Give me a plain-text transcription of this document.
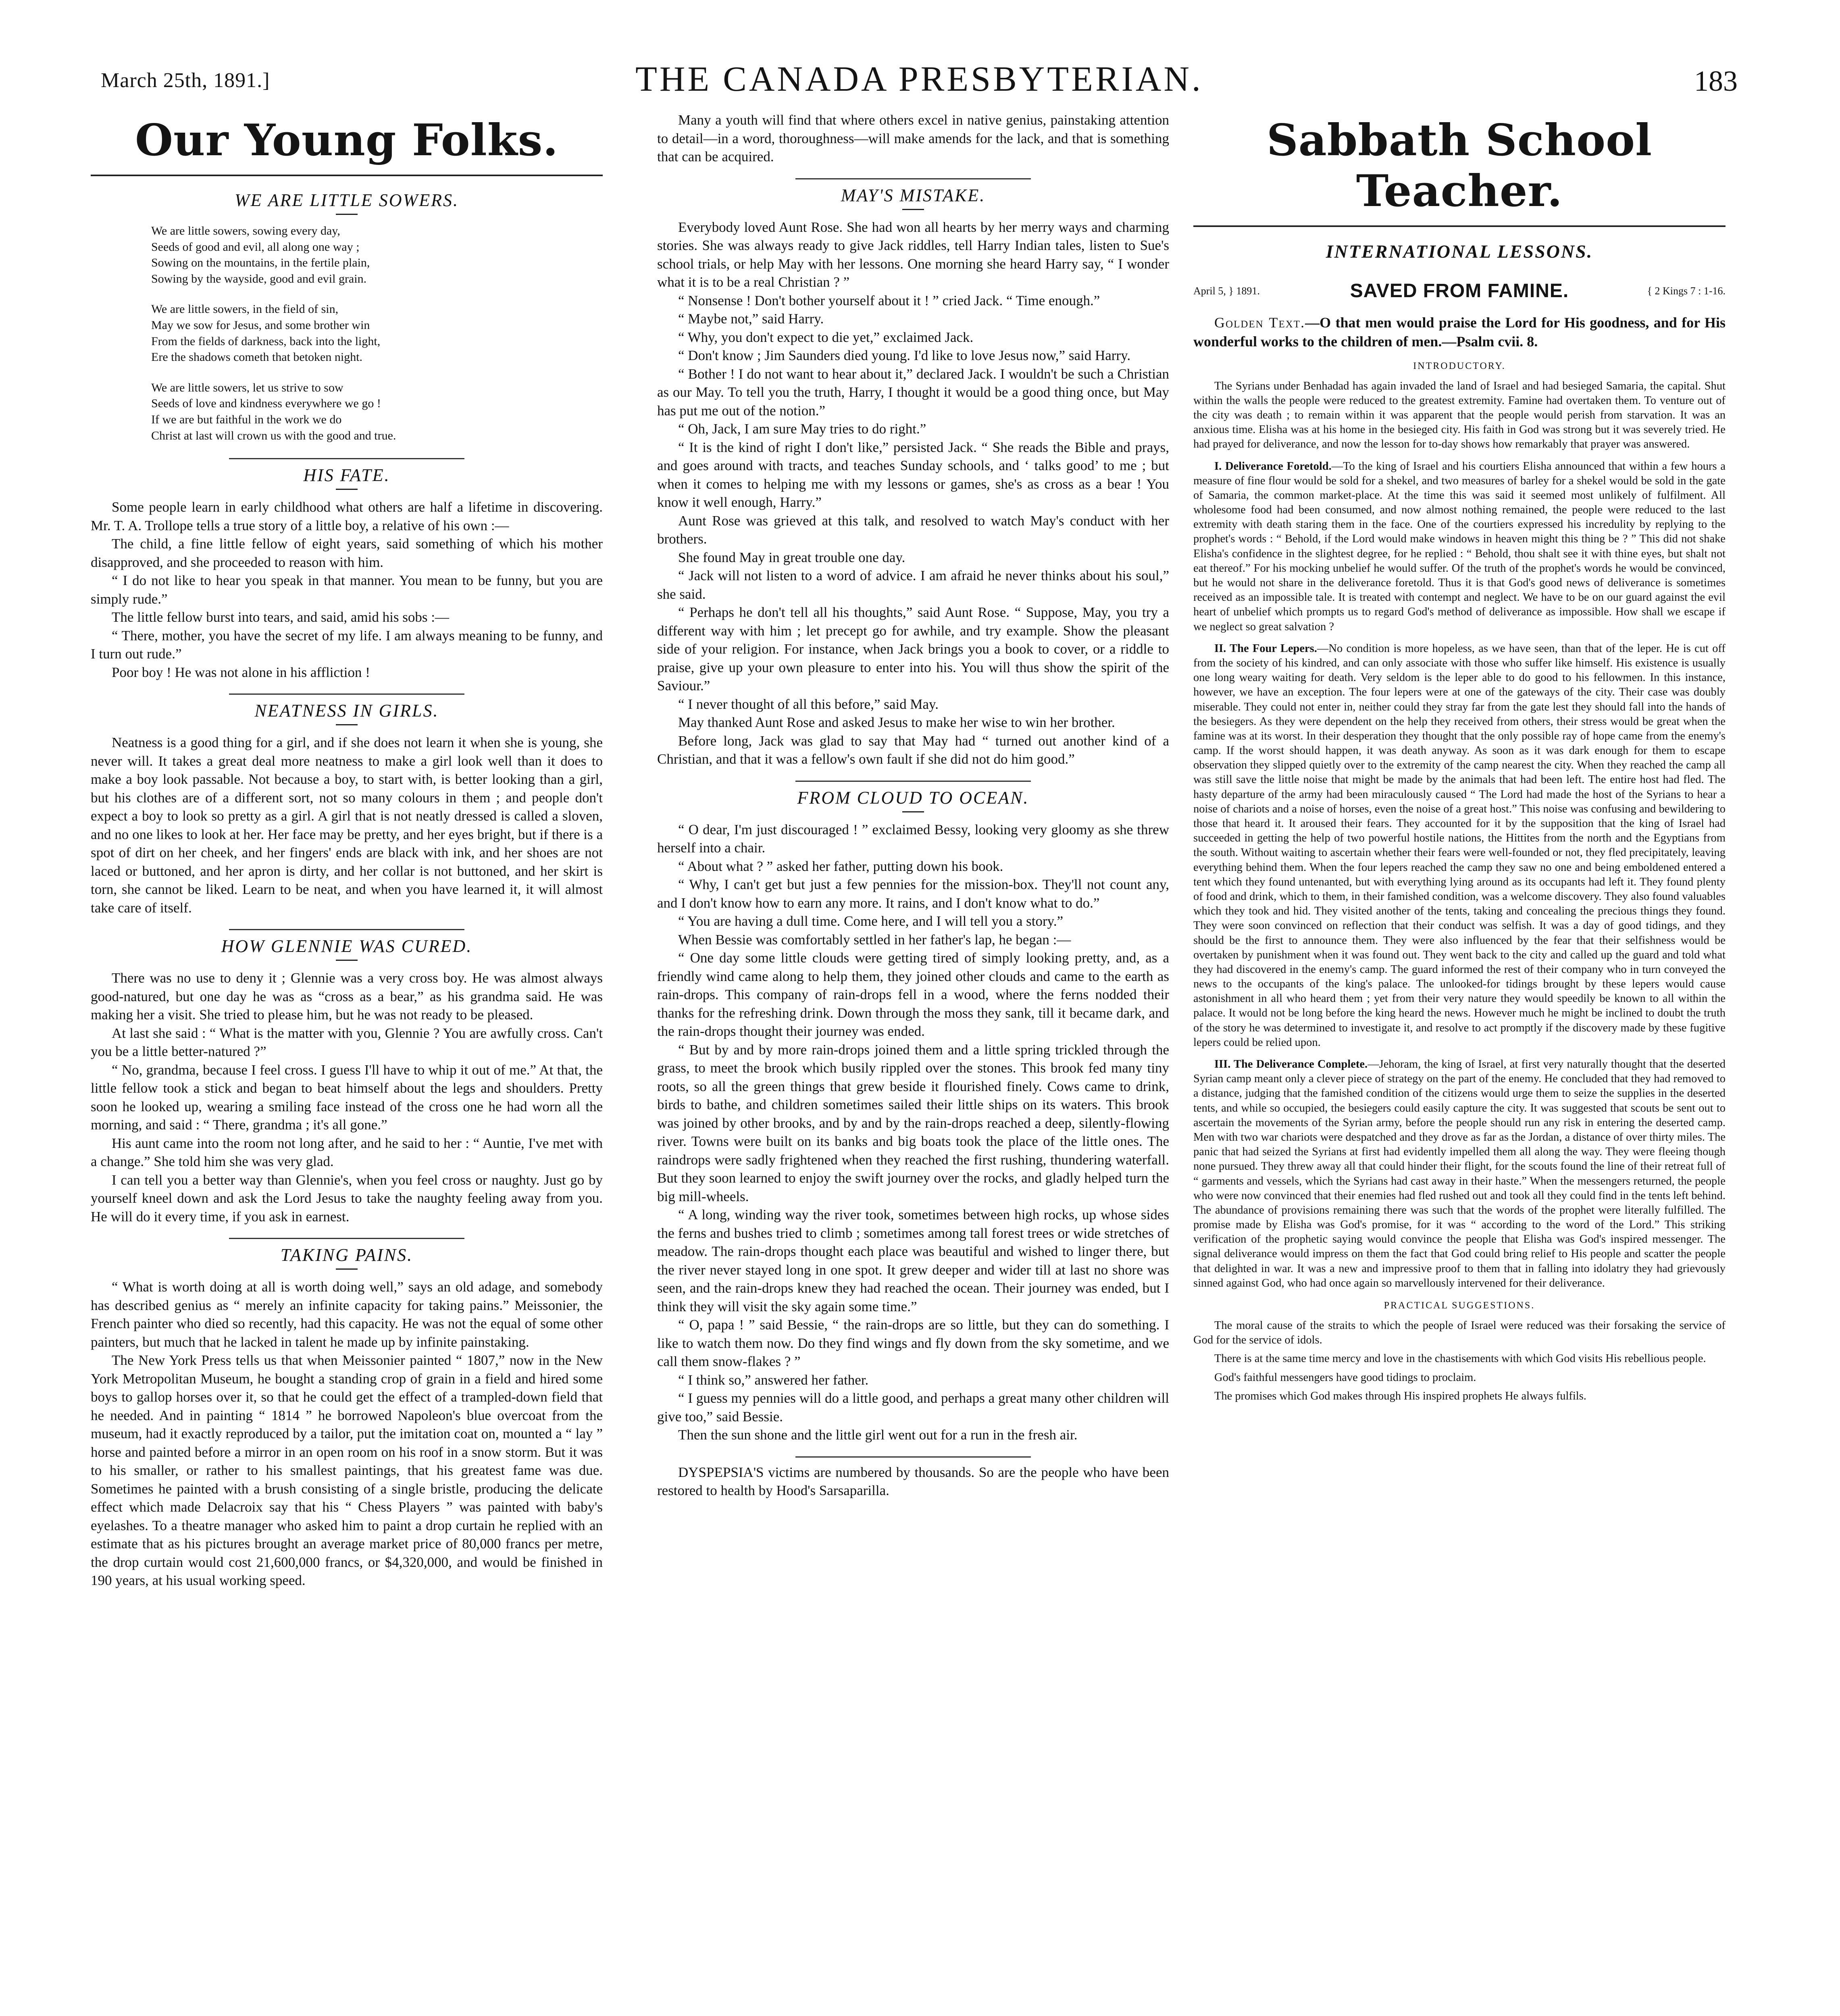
March 25th, 1891.]	THE CANADA PRESBYTERIAN.	183
Our Young Folks.
WE ARE LITTLE SOWERS.
We are little sowers, sowing every day,
Seeds of good and evil, all along one way ;
Sowing on the mountains, in the fertile plain,
Sowing by the wayside, good and evil grain.
We are little sowers, in the field of sin,
May we sow for Jesus, and some brother win
From the fields of darkness, back into the light,
Ere the shadows cometh that betoken night.
We are little sowers, let us strive to sow
Seeds of love and kindness everywhere we go !
If we are but faithful in the work we do
Christ at last will crown us with the good and true.
HIS FATE.

Some people learn in early childhood what others are half a lifetime in discovering. Mr. T. A. Trollope tells a true story of a little boy, a relative of his own :—

The child, a fine little fellow of eight years, said something of which his mother disapproved, and she proceeded to reason with him.

“ I do not like to hear you speak in that manner. You mean to be funny, but you are simply rude.”

The little fellow burst into tears, and said, amid his sobs :—

“ There, mother, you have the secret of my life. I am always meaning to be funny, and I turn out rude.”

Poor boy ! He was not alone in his affliction !

NEATNESS IN GIRLS.

Neatness is a good thing for a girl, and if she does not learn it when she is young, she never will. It takes a great deal more neatness to make a girl look well than it does to make a boy look passable. Not because a boy, to start with, is better looking than a girl, but his clothes are of a different sort, not so many colours in them ; and people don't expect a boy to look so pretty as a girl. A girl that is not neatly dressed is called a sloven, and no one likes to look at her. Her face may be pretty, and her eyes bright, but if there is a spot of dirt on her cheek, and her fingers' ends are black with ink, and her shoes are not laced or buttoned, and her apron is dirty, and her collar is not buttoned, and her skirt is torn, she cannot be liked. Learn to be neat, and when you have learned it, it will almost take care of itself.

HOW GLENNIE WAS CURED.

There was no use to deny it ; Glennie was a very cross boy. He was almost always good-natured, but one day he was as “cross as a bear,” as his grandma said. He was making her a visit. She tried to please him, but he was not ready to be pleased.

At last she said : “ What is the matter with you, Glennie ? You are awfully cross. Can't you be a little better-natured ?”

“ No, grandma, because I feel cross. I guess I'll have to whip it out of me.” At that, the little fellow took a stick and began to beat himself about the legs and shoulders. Pretty soon he looked up, wearing a smiling face instead of the cross one he had worn all the morning, and said : “ There, grandma ; it's all gone.”

His aunt came into the room not long after, and he said to her : “ Auntie, I've met with a change.” She told him she was very glad.

I can tell you a better way than Glennie's, when you feel cross or naughty. Just go by yourself kneel down and ask the Lord Jesus to take the naughty feeling away from you. He will do it every time, if you ask in earnest.

TAKING PAINS.

“ What is worth doing at all is worth doing well,” says an old adage, and somebody has described genius as “ merely an infinite capacity for taking pains.” Meissonier, the French painter who died so recently, had this capacity. He was not the equal of some other painters, but much that he lacked in talent he made up by infinite painstaking.

The New York Press tells us that when Meissonier painted “ 1807,” now in the New York Metropolitan Museum, he bought a standing crop of grain in a field and hired some boys to gallop horses over it, so that he could get the effect of a trampled-down field that he needed. And in painting “ 1814 ” he borrowed Napoleon's blue overcoat from the museum, had it exactly reproduced by a tailor, put the imitation coat on, mounted a “ lay ” horse and painted before a mirror in an open room on his roof in a snow storm. But it was to his smaller, or rather to his smallest paintings, that his greatest fame was due. Sometimes he painted with a brush consisting of a single bristle, producing the delicate effect which made Delacroix say that his “ Chess Players ” was painted with baby's eyelashes. To a theatre manager who asked him to paint a drop curtain he replied with an estimate that as his pictures brought an average market price of 80,000 francs per metre, the drop curtain would cost 21,600,000 francs, or $4,320,000, and would be finished in 190 years, at his usual working speed.

Many a youth will find that where others excel in native genius, painstaking attention to detail—in a word, thoroughness—will make amends for the lack, and that is something that can be acquired.

MAY'S MISTAKE.

Everybody loved Aunt Rose. She had won all hearts by her merry ways and charming stories. She was always ready to give Jack riddles, tell Harry Indian tales, listen to Sue's school trials, or help May with her lessons. One morning she heard Harry say, “ I wonder what it is to be a real Christian ? ”

“ Nonsense ! Don't bother yourself about it ! ” cried Jack. “ Time enough.”

“ Maybe not,” said Harry.

“ Why, you don't expect to die yet,” exclaimed Jack.

“ Don't know ; Jim Saunders died young. I'd like to love Jesus now,” said Harry.

“ Bother ! I do not want to hear about it,” declared Jack. I wouldn't be such a Christian as our May. To tell you the truth, Harry, I thought it would be a good thing once, but May has put me out of the notion.”

“ Oh, Jack, I am sure May tries to do right.”

“ It is the kind of right I don't like,” persisted Jack. “ She reads the Bible and prays, and goes around with tracts, and teaches Sunday schools, and ‘ talks good’ to me ; but when it comes to helping me with my lessons or games, she's as cross as a bear ! You know it well enough, Harry.”

Aunt Rose was grieved at this talk, and resolved to watch May's conduct with her brothers.

She found May in great trouble one day.

“ Jack will not listen to a word of advice. I am afraid he never thinks about his soul,” she said.

“ Perhaps he don't tell all his thoughts,” said Aunt Rose. “ Suppose, May, you try a different way with him ; let precept go for awhile, and try example. Show the pleasant side of your religion. For instance, when Jack brings you a book to cover, or a riddle to praise, give up your own pleasure to enter into his. You will thus show the spirit of the Saviour.”

“ I never thought of all this before,” said May.

May thanked Aunt Rose and asked Jesus to make her wise to win her brother.

Before long, Jack was glad to say that May had “ turned out another kind of a Christian, and that it was a fellow's own fault if she did not do him good.”

FROM CLOUD TO OCEAN.

“ O dear, I'm just discouraged ! ” exclaimed Bessy, looking very gloomy as she threw herself into a chair.

“ About what ? ” asked her father, putting down his book.

“ Why, I can't get but just a few pennies for the mission-box. They'll not count any, and I don't know how to earn any more. It rains, and I don't know what to do.”

“ You are having a dull time. Come here, and I will tell you a story.”

When Bessie was comfortably settled in her father's lap, he began :—

“ One day some little clouds were getting tired of simply looking pretty, and, as a friendly wind came along to help them, they joined other clouds and came to the earth as rain-drops. This company of rain-drops fell in a wood, where the ferns nodded their thanks for the refreshing drink. Down through the moss they sank, till it became dark, and the rain-drops thought their journey was ended.

“ But by and by more rain-drops joined them and a little spring trickled through the grass, to meet the brook which busily rippled over the stones. This brook fed many tiny roots, so all the green things that grew beside it flourished finely. Cows came to drink, birds to bathe, and children sometimes sailed their little ships on its waters. This brook was joined by other brooks, and by and by the rain-drops reached a deep, silently-flowing river. Towns were built on its banks and big boats took the place of the little ones. The raindrops were sadly frightened when they reached the first rushing, thundering waterfall. But they soon learned to enjoy the swift journey over the rocks, and gladly helped turn the big mill-wheels.

“ A long, winding way the river took, sometimes between high rocks, up whose sides the ferns and bushes tried to climb ; sometimes among tall forest trees or wide stretches of meadow. The rain-drops thought each place was beautiful and wished to linger there, but the river never stayed long in one spot. It grew deeper and wider till at last no shore was seen, and the rain-drops knew they had reached the ocean. Their journey was ended, but I think they will visit the sky again some time.”

“ O, papa ! ” said Bessie, “ the rain-drops are so little, but they can do something. I like to watch them now. Do they find wings and fly down from the sky sometime, and we call them snow-flakes ? ”

“ I think so,” answered her father.

“ I guess my pennies will do a little good, and perhaps a great many other children will give too,” said Bessie.

Then the sun shone and the little girl went out for a run in the fresh air.

DYSPEPSIA'S victims are numbered by thousands. So are the people who have been restored to health by Hood's Sarsaparilla.

Sabbath School Teacher.
INTERNATIONAL LESSONS.
April 5, } 1891.	SAVED FROM FAMINE.	{ 2 Kings 7 : 1-16.

Golden Text.—O that men would praise the Lord for His goodness, and for His wonderful works to the children of men.—Psalm cvii. 8.

INTRODUCTORY.

The Syrians under Benhadad has again invaded the land of Israel and had besieged Samaria, the capital. Shut within the walls the people were reduced to the greatest extremity. Famine had overtaken them. To venture out of the city was death ; to remain within it was apparent that the people would perish from starvation. It was an anxious time. Elisha was at his home in the besieged city. His faith in God was strong but it was severely tried. He had prayed for deliverance, and now the lesson for to-day shows how remarkably that prayer was answered.

I. Deliverance Foretold.—To the king of Israel and his courtiers Elisha announced that within a few hours a measure of fine flour would be sold for a shekel, and two measures of barley for a shekel would be sold in the gate of Samaria, the common market-place. At the time this was said it seemed most unlikely of fulfilment. All wholesome food had been consumed, and now almost nothing remained, the people were reduced to the last extremity with death staring them in the face. One of the courtiers expressed his incredulity by replying to the prophet's words : “ Behold, if the Lord would make windows in heaven might this thing be ? ” This did not shake Elisha's confidence in the slightest degree, for he replied : “ Behold, thou shalt see it with thine eyes, but shalt not eat thereof.” For his mocking unbelief he would suffer. Of the truth of the prophet's words he would be convinced, but he would not share in the deliverance foretold. Thus it is that God's good news of deliverance is sometimes received as an impossible tale. It is treated with contempt and neglect. We have to be on our guard against the evil heart of unbelief which prompts us to regard God's method of deliverance as impossible. How shall we escape if we neglect so great salvation ?

II. The Four Lepers.—No condition is more hopeless, as we have seen, than that of the leper. He is cut off from the society of his kindred, and can only associate with those who suffer like himself. His existence is usually one long weary waiting for death. Very seldom is the leper able to do good to his fellowmen. In this instance, however, we have an exception. The four lepers were at one of the gateways of the city. Their case was doubly miserable. They could not enter in, neither could they stray far from the gate lest they should fall into the hands of the besiegers. As they were dependent on the help they received from others, their stress would be great when the famine was at its worst. In their desperation they thought that the only possible ray of hope came from the enemy's camp. If the worst should happen, it was death anyway. As soon as it was dark enough for them to escape observation they slipped quietly over to the extremity of the camp nearest the city. When they reached the camp all was still save the little noise that might be made by the animals that had been left. The entire host had fled. The hasty departure of the army had been miraculously caused “ The Lord had made the host of the Syrians to hear a noise of chariots and a noise of horses, even the noise of a great host.” This noise was confusing and bewildering to those that heard it. It aroused their fears. They accounted for it by the supposition that the king of Israel had succeeded in getting the help of two powerful hostile nations, the Hittites from the north and the Egyptians from the south. Without waiting to ascertain whether their fears were well-founded or not, they fled precipitately, leaving everything behind them. When the four lepers reached the camp they saw no one and being emboldened entered a tent which they found untenanted, but with everything lying around as its occupants had left it. They found plenty of food and drink, which to them, in their famished condition, was a welcome discovery. They also found valuables which they took and hid. They visited another of the tents, taking and concealing the precious things they found. They were soon convinced on reflection that their conduct was selfish. It was a day of good tidings, and they should be the first to announce them. They were also influenced by the fear that their selfishness would be overtaken by punishment when it was found out. They went back to the city and called up the guard and told what they had discovered in the enemy's camp. The guard informed the rest of their company who in turn conveyed the news to the occupants of the king's palace. The unlooked-for tidings brought by these lepers would cause astonishment in all who heard them ; yet from their very nature they would speedily be known to all within the palace. It would not be long before the king heard the news. However much he might be inclined to doubt the truth of the story he was determined to investigate it, and resolve to act promptly if the discovery made by these fugitive lepers could be relied upon.

III. The Deliverance Complete.—Jehoram, the king of Israel, at first very naturally thought that the deserted Syrian camp meant only a clever piece of strategy on the part of the enemy. He concluded that they had removed to a distance, judging that the famished condition of the citizens would urge them to seize the supplies in the deserted tents, and while so occupied, the besiegers could easily capture the city. It was suggested that scouts be sent out to ascertain the movements of the Syrian army, before the people should run any risk in entering the deserted camp. Men with two war chariots were despatched and they drove as far as the Jordan, a distance of over thirty miles. The panic that had seized the Syrians at first had evidently impelled them all along the way. They were fleeing though none pursued. They threw away all that could hinder their flight, for the scouts found the line of their retreat full of “ garments and vessels, which the Syrians had cast away in their haste.” When the messengers returned, the people who were now convinced that their enemies had fled rushed out and took all they could find in the tents left behind. The abundance of provisions remaining there was such that the words of the prophet were literally fulfilled. The promise made by Elisha was God's promise, for it was “ according to the word of the Lord.” This striking verification of the prophetic saying would convince the people that Elisha was God's inspired messenger. The signal deliverance would impress on them the fact that God could bring relief to His people and scatter the people that delighted in war. It was a new and impressive proof to them that in falling into idolatry they had grievously sinned against God, who had once again so marvellously intervened for their deliverance.

PRACTICAL SUGGESTIONS.

The moral cause of the straits to which the people of Israel were reduced was their forsaking the service of God for the service of idols.

There is at the same time mercy and love in the chastisements with which God visits His rebellious people.

God's faithful messengers have good tidings to proclaim.

The promises which God makes through His inspired prophets He always fulfils.
